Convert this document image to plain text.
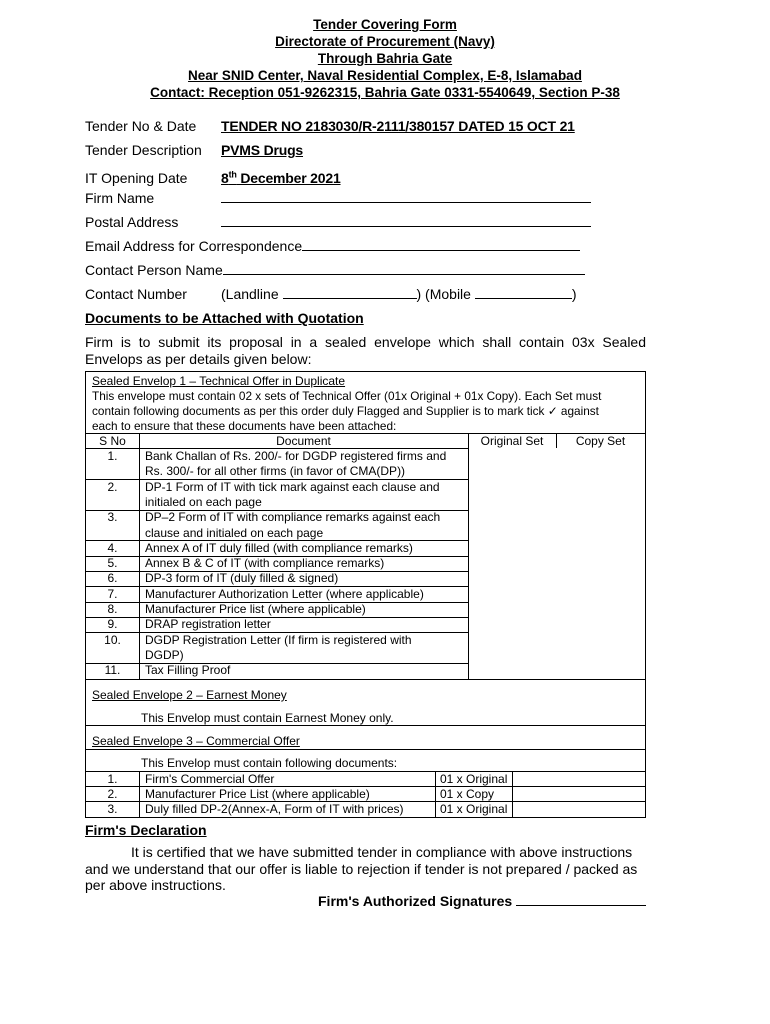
Tender Covering Form
Directorate of Procurement (Navy)
Through Bahria Gate
Near SNID Center, Naval Residential Complex, E-8, Islamabad
Contact: Reception 051-9262315, Bahria Gate 0331-5540649, Section P-38
Tender No & Date TENDER NO 2183030/R-2111/380157 DATED 15 OCT 21
Tender Description PVMS Drugs
IT Opening Date 8th December 2021
Firm Name
Postal Address
Email Address for Correspondence
Contact Person Name
Contact Number (Landline	) (Mobile	)
Documents to be Attached with Quotation
Firm is to submit its proposal in a sealed envelope which shall contain 03x Sealed Envelops as per details given below:
Sealed Envelop 1 – Technical Offer in Duplicate
This envelope must contain 02 x sets of Technical Offer (01x Original + 01x Copy). Each Set must
contain following documents as per this order duly Flagged and Supplier is to mark tick ✓ against
each to ensure that these documents have been attached:
S No	Document	Original Set	Copy Set
1.	Bank Challan of Rs. 200/- for DGDP registered firms and
Rs. 300/- for all other firms (in favor of CMA(DP))
2.	DP-1 Form of IT with tick mark against each clause and
initialed on each page
3.	DP–2 Form of IT with compliance remarks against each
clause and initialed on each page
4.	Annex A of IT duly filled (with compliance remarks)
5.	Annex B & C of IT (with compliance remarks)
6.	DP-3 form of IT (duly filled & signed)
7.	Manufacturer Authorization Letter (where applicable)
8.	Manufacturer Price list (where applicable)
9.	DRAP registration letter
10.	DGDP Registration Letter (If firm is registered with
DGDP)
11.	Tax Filling Proof
Sealed Envelope 2 – Earnest Money
This Envelop must contain Earnest Money only.
Sealed Envelope 3 – Commercial Offer
This Envelop must contain following documents:
1.	Firm's Commercial Offer	01 x Original
2.	Manufacturer Price List (where applicable)	01 x Copy
3.	Duly filled DP-2(Annex-A, Form of IT with prices)	01 x Original
Firm's Declaration
It is certified that we have submitted tender in compliance with above instructions
and we understand that our offer is liable to rejection if tender is not prepared / packed as
per above instructions.
Firm's Authorized Signatures
